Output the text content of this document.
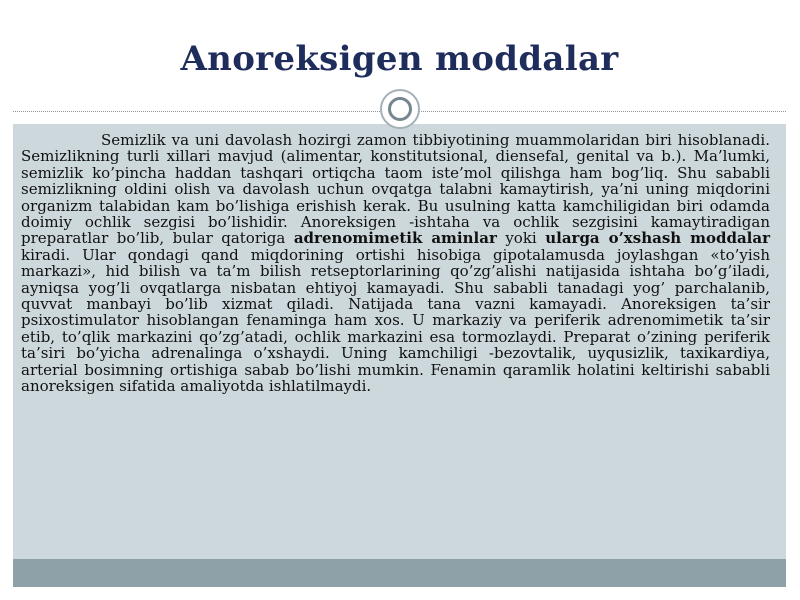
Anoreksigen moddalar

Semizlik va uni davolash hozirgi zamon tibbiyotining muammolaridan biri hisoblanadi. Semizlikning turli xillari mavjud (alimentar, konstitutsional, diensefal, genital va b.). Ma’lumki, semizlik ko’pincha haddan tashqari ortiqcha taom iste’mol qilishga ham bog’liq. Shu sababli semizlikning oldini olish va davolash uchun ovqatga talabni kamaytirish, ya’ni uning miqdorini organizm talabidan kam bo’lishiga erishish kerak. Bu usulning katta kamchiligidan biri odamda doimiy ochlik sezgisi bo’lishidir. Anoreksigen -ishtaha va ochlik sezgisini kamaytiradigan preparatlar bo’lib, bular qatoriga adrenomimetik aminlar yoki ularga o’xshash moddalar kiradi. Ular qondagi qand miqdorining ortishi hisobiga gipotalamusda joylashgan «to’yish markazi», hid bilish va ta’m bilish retseptorlarining qo’zg’alishi natijasida ishtaha bo’g’iladi, ayniqsa yog’li ovqatlarga nisbatan ehtiyoj kamayadi. Shu sababli tanadagi yog’ parchalanib, quvvat manbayi bo’lib xizmat qiladi. Natijada tana vazni kamayadi. Anoreksigen ta’sir psixostimulator hisoblangan fenaminga ham xos. U markaziy va periferik adrenomimetik ta’sir etib, to’qlik markazini qo’zg’atadi, ochlik markazini esa tormozlaydi. Preparat o’zining periferik ta’siri bo’yicha adrenalinga o’xshaydi. Uning kamchiligi -bezovtalik, uyqusizlik, taxikardiya, arterial bosimning ortishiga sabab bo’lishi mumkin. Fenamin qaramlik holatini keltirishi sababli anoreksigen sifatida amaliyotda ishlatilmaydi.
